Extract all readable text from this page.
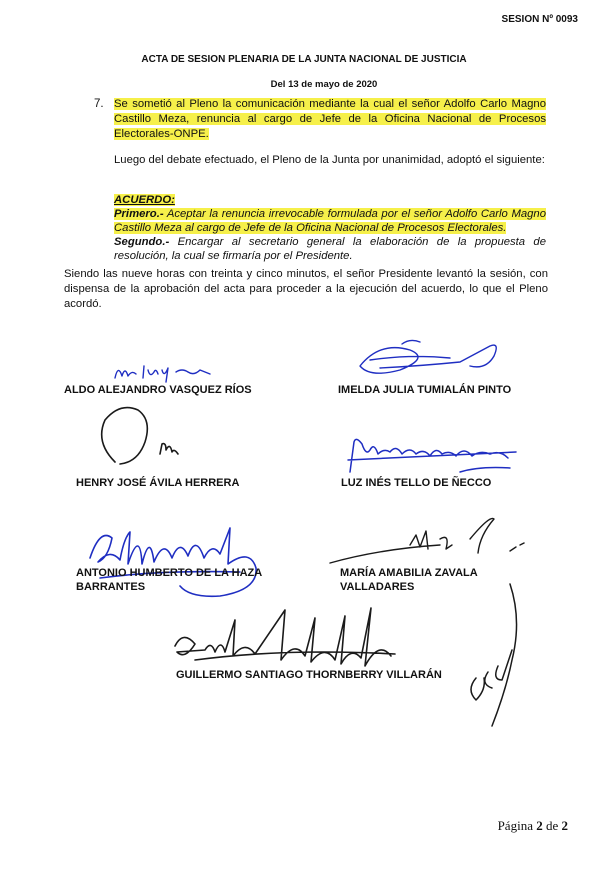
SESION Nº 0093
ACTA DE SESION PLENARIA DE LA JUNTA NACIONAL DE JUSTICIA
Del 13 de mayo de 2020
7. Se sometió al Pleno la comunicación mediante la cual el señor Adolfo Carlo Magno Castillo Meza, renuncia al cargo de Jefe de la Oficina Nacional de Procesos Electorales-ONPE.
Luego del debate efectuado, el Pleno de la Junta por unanimidad, adoptó el siguiente:
ACUERDO:
Primero.- Aceptar la renuncia irrevocable formulada por el señor Adolfo Carlo Magno Castillo Meza al cargo de Jefe de la Oficina Nacional de Procesos Electorales.
Segundo.- Encargar al secretario general la elaboración de la propuesta de resolución, la cual se firmaría por el Presidente.
Siendo las nueve horas con treinta y cinco minutos, el señor Presidente levantó la sesión, con dispensa de la aprobación del acta para proceder a la ejecución del acuerdo, lo que el Pleno acordó.
ALDO ALEJANDRO VASQUEZ RÍOS	IMELDA JULIA TUMIALÁN PINTO
HENRY JOSÉ ÁVILA HERRERA	LUZ INÉS TELLO DE ÑECCO
ANTONIO HUMBERTO DE LA HAZA
BARRANTES
MARÍA AMABILIA ZAVALA
VALLADARES
GUILLERMO SANTIAGO THORNBERRY VILLARÁN
Página 2 de 2
